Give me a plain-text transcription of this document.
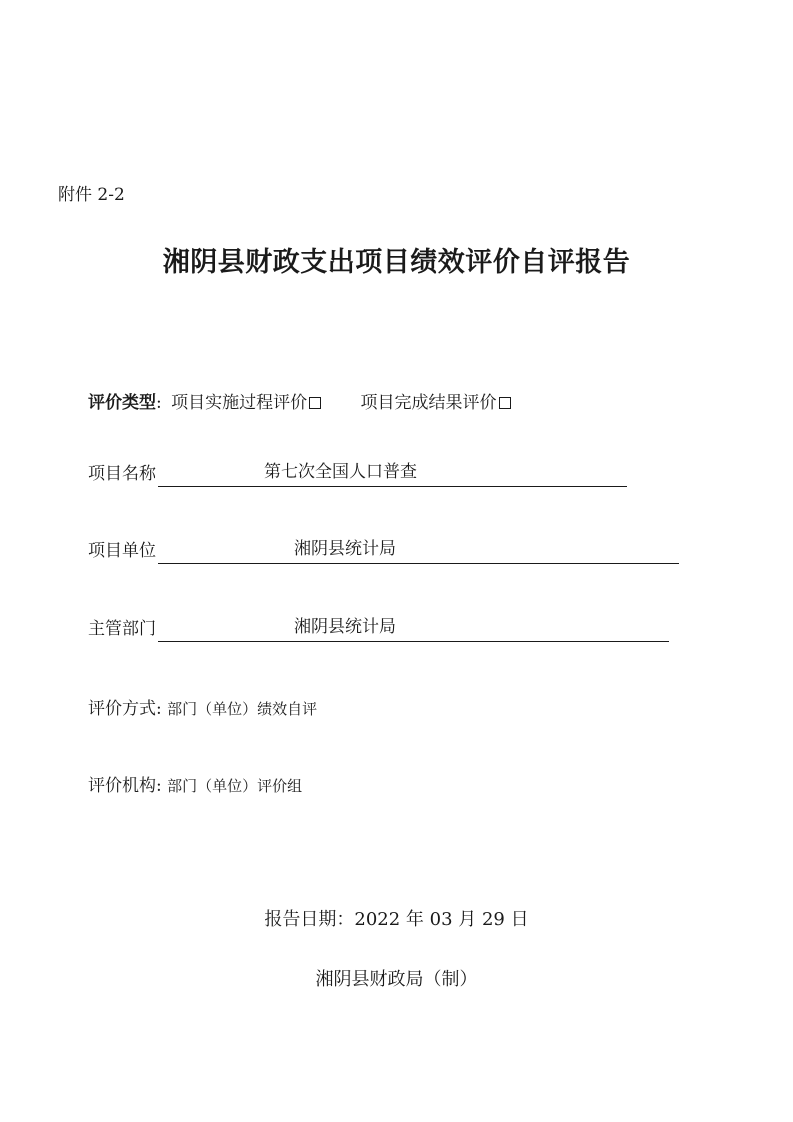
附件 2-2
湘阴县财政支出项目绩效评价自评报告
评价类型: 项目实施过程评价	项目完成结果评价
项目名称	第七次全国人口普查
项目单位	湘阴县统计局
主管部门	湘阴县统计局
评价方式: 部门（单位）绩效自评
评价机构: 部门（单位）评价组
报告日期：2022 年 03 月 29 日
湘阴县财政局（制）
